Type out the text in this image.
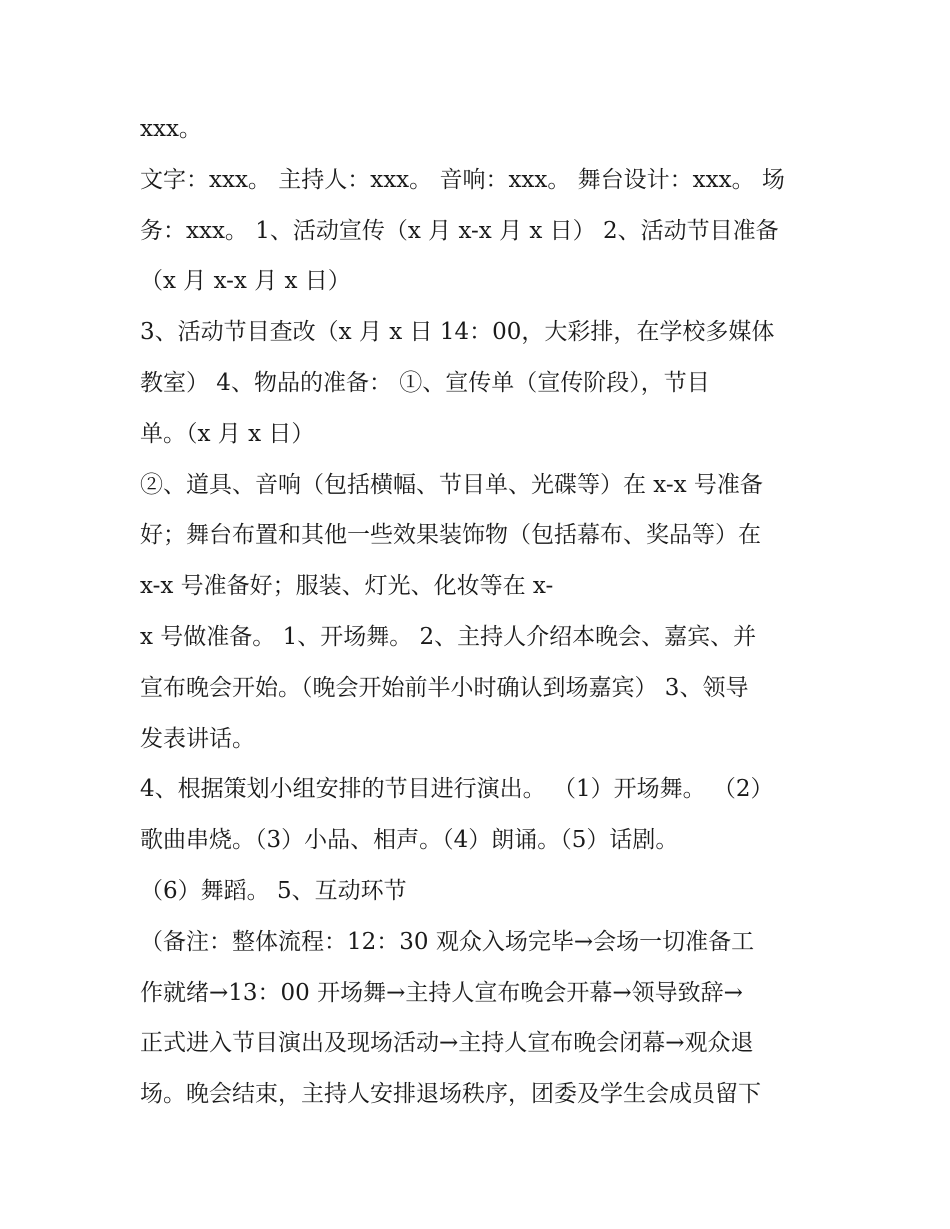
xxx。
文字：xxx。 主持人：xxx。 音响：xxx。 舞台设计：xxx。 场
务：xxx。 1、活动宣传（x 月 x-x 月 x 日） 2、活动节目准备
（x 月 x-x 月 x 日）
3、活动节目查改（x 月 x 日 14：00，大彩排，在学校多媒体
教室） 4、物品的准备： ①、宣传单（宣传阶段），节目
单。（x 月 x 日）
②、道具、音响（包括横幅、节目单、光碟等）在 x-x 号准备
好；舞台布置和其他一些效果装饰物（包括幕布、奖品等）在
x-x 号准备好；服装、灯光、化妆等在 x-
x 号做准备。 1、开场舞。 2、主持人介绍本晚会、嘉宾、并
宣布晚会开始。（晚会开始前半小时确认到场嘉宾） 3、领导
发表讲话。
4、根据策划小组安排的节目进行演出。 （1）开场舞。 （2）
歌曲串烧。（3）小品、相声。（4）朗诵。（5）话剧。
（6）舞蹈。 5、互动环节
（备注：整体流程：12：30 观众入场完毕→会场一切准备工
作就绪→13：00 开场舞→主持人宣布晚会开幕→领导致辞→
正式进入节目演出及现场活动→主持人宣布晚会闭幕→观众退
场。晚会结束，主持人安排退场秩序，团委及学生会成员留下
